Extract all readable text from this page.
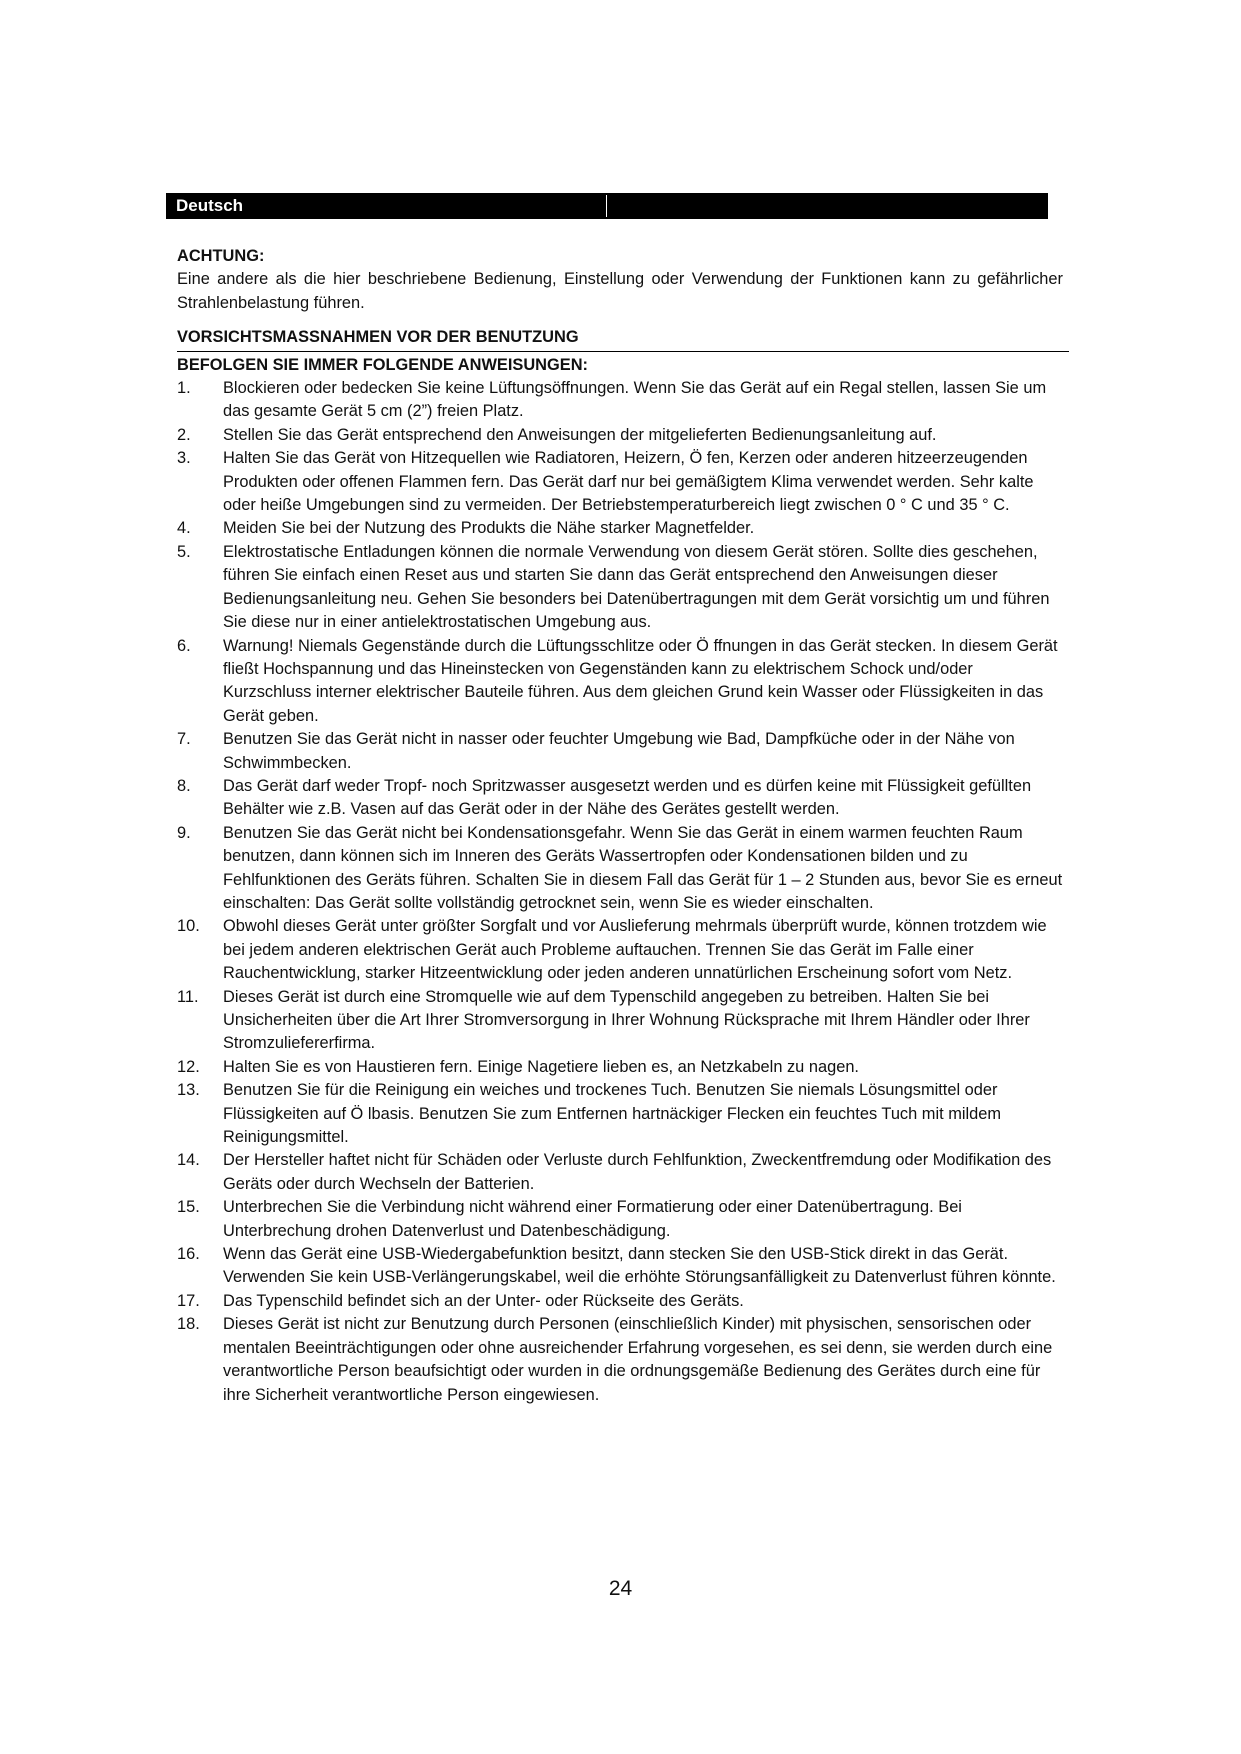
Deutsch

ACHTUNG:

Eine andere als die hier beschriebene Bedienung, Einstellung oder Verwendung der Funktionen kann zu gefährlicher Strahlenbelastung führen.

VORSICHTSMASSNAHMEN VOR DER BENUTZUNG

BEFOLGEN SIE IMMER FOLGENDE ANWEISUNGEN:

1.	Blockieren oder bedecken Sie keine Lüftungsöffnungen. Wenn Sie das Gerät auf ein Regal stellen, lassen Sie um das gesamte Gerät 5 cm (2”) freien Platz.
2.	Stellen Sie das Gerät entsprechend den Anweisungen der mitgelieferten Bedienungsanleitung auf.
3.	Halten Sie das Gerät von Hitzequellen wie Radiatoren, Heizern, Ö fen, Kerzen oder anderen hitzeerzeugenden Produkten oder offenen Flammen fern. Das Gerät darf nur bei gemäßigtem Klima verwendet werden. Sehr kalte oder heiße Umgebungen sind zu vermeiden. Der Betriebstemperaturbereich liegt zwischen 0 ° C und 35 ° C.
4.	Meiden Sie bei der Nutzung des Produkts die Nähe starker Magnetfelder.
5.	Elektrostatische Entladungen können die normale Verwendung von diesem Gerät stören. Sollte dies geschehen, führen Sie einfach einen Reset aus und starten Sie dann das Gerät entsprechend den Anweisungen dieser Bedienungsanleitung neu. Gehen Sie besonders bei Datenübertragungen mit dem Gerät vorsichtig um und führen Sie diese nur in einer antielektrostatischen Umgebung aus.
6.	Warnung! Niemals Gegenstände durch die Lüftungsschlitze oder Ö ffnungen in das Gerät stecken. In diesem Gerät fließt Hochspannung und das Hineinstecken von Gegenständen kann zu elektrischem Schock und/oder Kurzschluss interner elektrischer Bauteile führen. Aus dem gleichen Grund kein Wasser oder Flüssigkeiten in das Gerät geben.
7.	Benutzen Sie das Gerät nicht in nasser oder feuchter Umgebung wie Bad, Dampfküche oder in der Nähe von Schwimmbecken.
8.	Das Gerät darf weder Tropf- noch Spritzwasser ausgesetzt werden und es dürfen keine mit Flüssigkeit gefüllten Behälter wie z.B. Vasen auf das Gerät oder in der Nähe des Gerätes gestellt werden.
9.	Benutzen Sie das Gerät nicht bei Kondensationsgefahr. Wenn Sie das Gerät in einem warmen feuchten Raum benutzen, dann können sich im Inneren des Geräts Wassertropfen oder Kondensationen bilden und zu Fehlfunktionen des Geräts führen. Schalten Sie in diesem Fall das Gerät für 1 – 2 Stunden aus, bevor Sie es erneut einschalten: Das Gerät sollte vollständig getrocknet sein, wenn Sie es wieder einschalten.
10.	Obwohl dieses Gerät unter größter Sorgfalt und vor Auslieferung mehrmals überprüft wurde, können trotzdem wie bei jedem anderen elektrischen Gerät auch Probleme auftauchen. Trennen Sie das Gerät im Falle einer Rauchentwicklung, starker Hitzeentwicklung oder jeden anderen unnatürlichen Erscheinung sofort vom Netz.
11.	Dieses Gerät ist durch eine Stromquelle wie auf dem Typenschild angegeben zu betreiben. Halten Sie bei Unsicherheiten über die Art Ihrer Stromversorgung in Ihrer Wohnung Rücksprache mit Ihrem Händler oder Ihrer Stromzuliefererfirma.
12.	Halten Sie es von Haustieren fern. Einige Nagetiere lieben es, an Netzkabeln zu nagen.
13.	Benutzen Sie für die Reinigung ein weiches und trockenes Tuch. Benutzen Sie niemals Lösungsmittel oder Flüssigkeiten auf Ö lbasis. Benutzen Sie zum Entfernen hartnäckiger Flecken ein feuchtes Tuch mit mildem Reinigungsmittel.
14.	Der Hersteller haftet nicht für Schäden oder Verluste durch Fehlfunktion, Zweckentfremdung oder Modifikation des Geräts oder durch Wechseln der Batterien.
15.	Unterbrechen Sie die Verbindung nicht während einer Formatierung oder einer Datenübertragung. Bei Unterbrechung drohen Datenverlust und Datenbeschädigung.
16.	Wenn das Gerät eine USB-Wiedergabefunktion besitzt, dann stecken Sie den USB-Stick direkt in das Gerät. Verwenden Sie kein USB-Verlängerungskabel, weil die erhöhte Störungsanfälligkeit zu Datenverlust führen könnte.
17.	Das Typenschild befindet sich an der Unter- oder Rückseite des Geräts.
18.	Dieses Gerät ist nicht zur Benutzung durch Personen (einschließlich Kinder) mit physischen, sensorischen oder mentalen Beeinträchtigungen oder ohne ausreichender Erfahrung vorgesehen, es sei denn, sie werden durch eine verantwortliche Person beaufsichtigt oder wurden in die ordnungsgemäße Bedienung des Gerätes durch eine für ihre Sicherheit verantwortliche Person eingewiesen.
24
